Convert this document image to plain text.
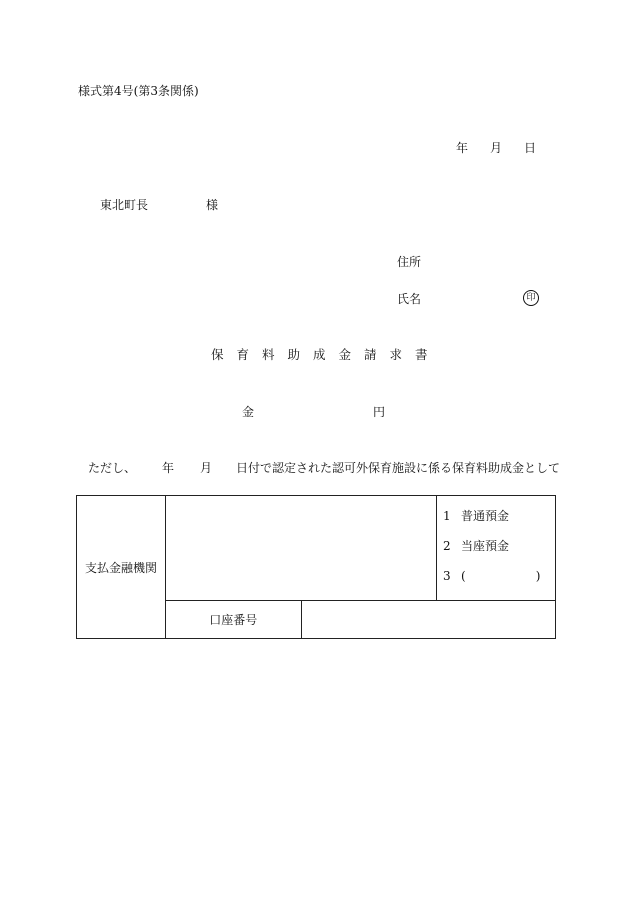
様式第4号(第3条関係)
年 月 日
東北町長	様
住所
氏名	印
保育料助成金請求書
金	円
ただし、 年 月 日付で認定された認可外保育施設に係る保育料助成金として
支払金融機関			1 普通預金
2 当座預金
3 ( )

	口座番号		
